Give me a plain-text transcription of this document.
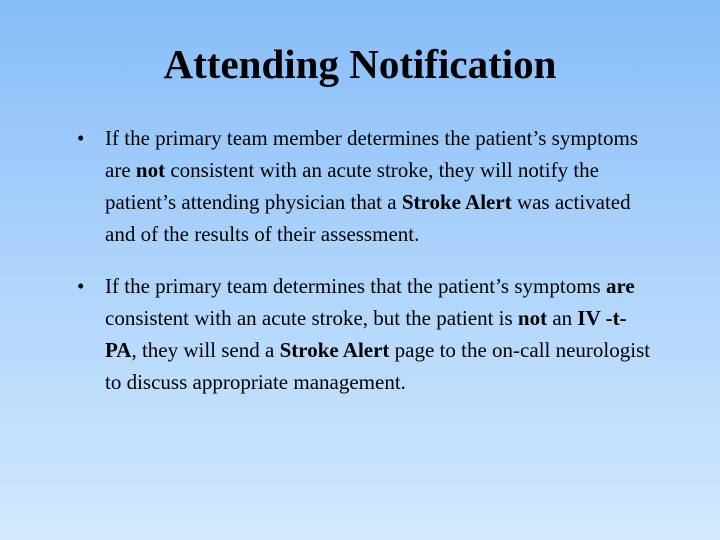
Attending Notification
• If the primary team member determines the patient’s symptoms are not consistent with an acute stroke, they will notify the patient’s attending physician that a Stroke Alert was activated and of the results of their assessment.
• If the primary team determines that the patient’s symptoms are consistent with an acute stroke, but the patient is not an IV -t-PA, they will send a Stroke Alert page to the on-call neurologist to discuss appropriate management.
